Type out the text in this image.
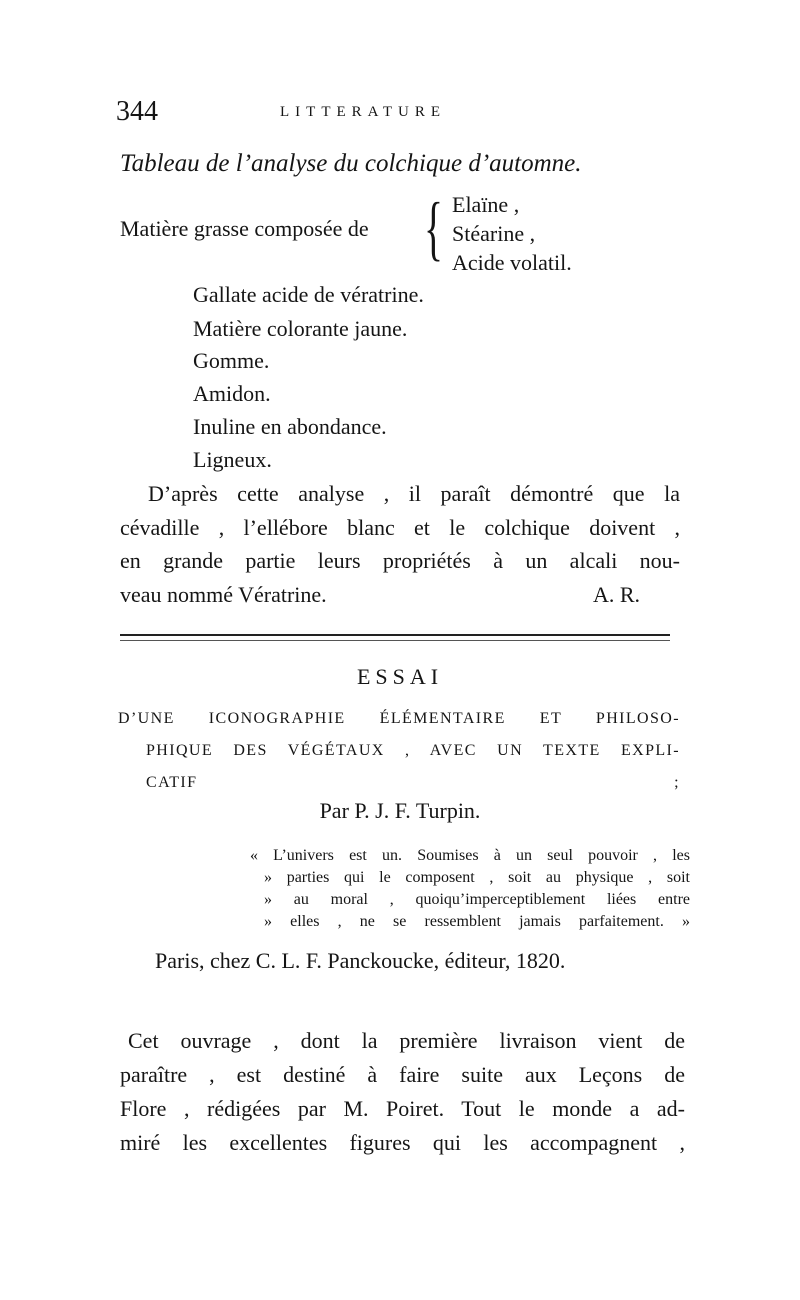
344	LITTERATURE
Tableau de l’analyse du colchique d’automne.
Matière grasse composée de { Elaïne ,
Stéarine ,
Acide volatil.
Gallate acide de vératrine.
Matière colorante jaune.
Gomme.
Amidon.
Inuline en abondance.
Ligneux.
D’après cette analyse , il paraît démontré que la
cévadille , l’ellébore blanc et le colchique doivent ,
en grande partie leurs propriétés à un alcali nou-
veau nommé Vératrine.	A. R.
ESSAI
D’UNE ICONOGRAPHIE ÉLÉMENTAIRE ET PHILOSO-
PHIQUE DES VÉGÉTAUX , AVEC UN TEXTE EXPLI-
CATIF ;
Par P. J. F. Turpin.
« L’univers est un. Soumises à un seul pouvoir , les
» parties qui le composent , soit au physique , soit
» au moral , quoiqu’imperceptiblement liées entre
» elles , ne se ressemblent jamais parfaitement. »
Paris, chez C. L. F. Panckoucke, éditeur, 1820.
Cet ouvrage , dont la première livraison vient de
paraître , est destiné à faire suite aux Leçons de
Flore , rédigées par M. Poiret. Tout le monde a ad-
miré les excellentes figures qui les accompagnent ,
